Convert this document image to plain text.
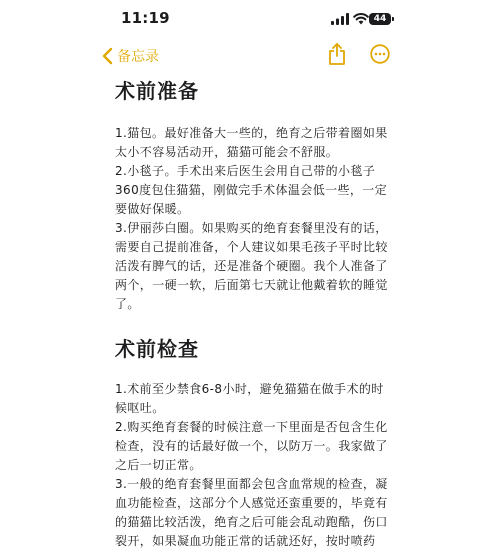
11:19	44
备忘录
术前准备

1.猫包。最好准备大一些的，绝育之后带着圈如果太小不容易活动开，猫猫可能会不舒服。

2.小毯子。手术出来后医生会用自己带的小毯子360度包住猫猫，刚做完手术体温会低一些，一定要做好保暖。

3.伊丽莎白圈。如果购买的绝育套餐里没有的话，需要自己提前准备，个人建议如果毛孩子平时比较活泼有脾气的话，还是准备个硬圈。我个人准备了两个，一硬一软，后面第七天就让他戴着软的睡觉了。

术前检查

1.术前至少禁食6-8小时，避免猫猫在做手术的时候呕吐。

2.购买绝育套餐的时候注意一下里面是否包含生化检查，没有的话最好做一个，以防万一。我家做了之后一切正常。

3.一般的绝育套餐里面都会包含血常规的检查，凝血功能检查，这部分个人感觉还蛮重要的，毕竟有的猫猫比较活泼，绝育之后可能会乱动跑酷，伤口裂开，如果凝血功能正常的话就还好，按时喷药
